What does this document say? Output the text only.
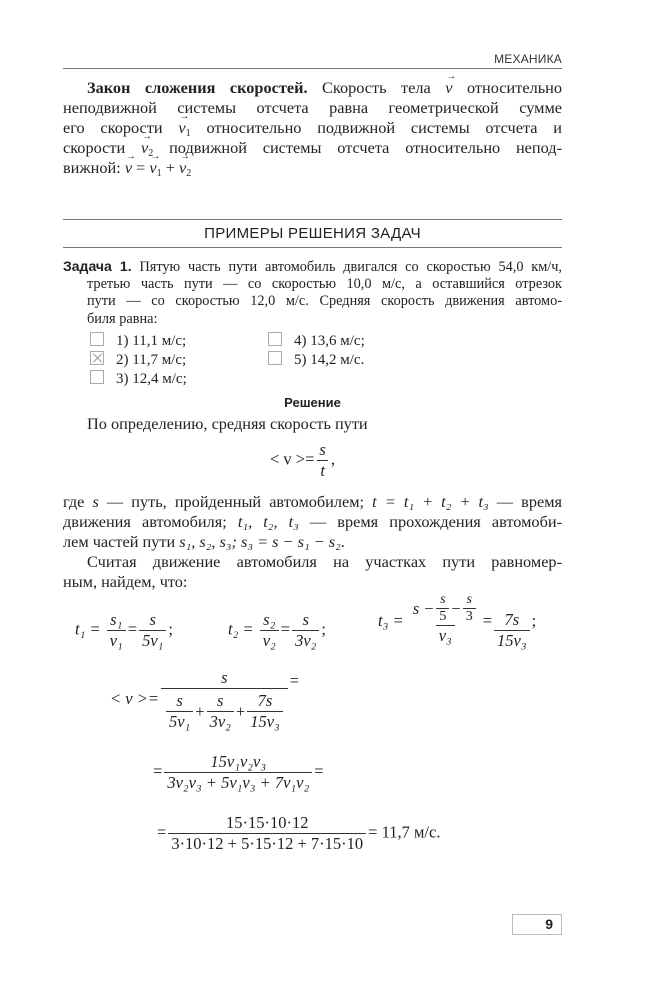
МЕХАНИКА
Закон сложения скоростей. Скорость тела → v относительно
неподвижной системы отсчета равна геометрической сумме
его скорости → $v_1$ относительно подвижной системы отсчета и
скорости → $v_2$ подвижной системы отсчета относительно непод-
вижной: → v = → $v_1$ + → $v_2$
ПРИМЕРЫ РЕШЕНИЯ ЗАДАЧ
Задача 1. Пятую часть пути автомобиль двигался со скоростью 54,0 км/ч,
третью часть пути — со скоростью 10,0 м/с, а оставшийся отрезок
пути — со скоростью 12,0 м/с. Средняя скорость движения автомо-
биля равна:
1) 11,1 м/с;
2) 11,7 м/с;
3) 12,4 м/с;
4) 13,6 м/с;
5) 14,2 м/с.
Решение
По определению, средняя скорость пути
< $v >= \frac{s}{t}$ ,
где s — путь, пройденный автомобилем; t = t₁ + t₂ + t₃ — время
движения автомобиля; t₁, t₂, t₃ — время прохождения автомоби-
лем частей пути s₁, s₂, s₃; s₃ = s − s₁ − s₂.
Считая движение автомобиля на участках пути равномер-
ным, найдем, что:
$t_1 = \frac{\text{s₁}}{\text{v₁}} = \frac{s}{\text{5v₁}}$ ;	$t_2 = \frac{\text{s₂}}{\text{v₂}} = \frac{s}{\text{3v₂}}$ ;	$t_3 = \frac{s - \frac{s}{5} - \frac{s}{3}}{\text{v₃}} = \frac{7s}{\text{15v₃}}$ ;
< v >= s
s
5v₁
+ $\frac{s}{\text{3v₂}} + \frac{7s}{\text{15v₃}}$ =
= $\frac{\text{15v₁v₂v₃}}{\text{3v₂v₃ + 5v₁v₃ + 7v₁v₂}}$ =
= $\frac{15\cdot 15\cdot 10\cdot 12}{3\cdot 10\cdot 12 + 5\cdot 15\cdot 12 + 7\cdot 15\cdot 10} = 11,7$ м/с.
9
